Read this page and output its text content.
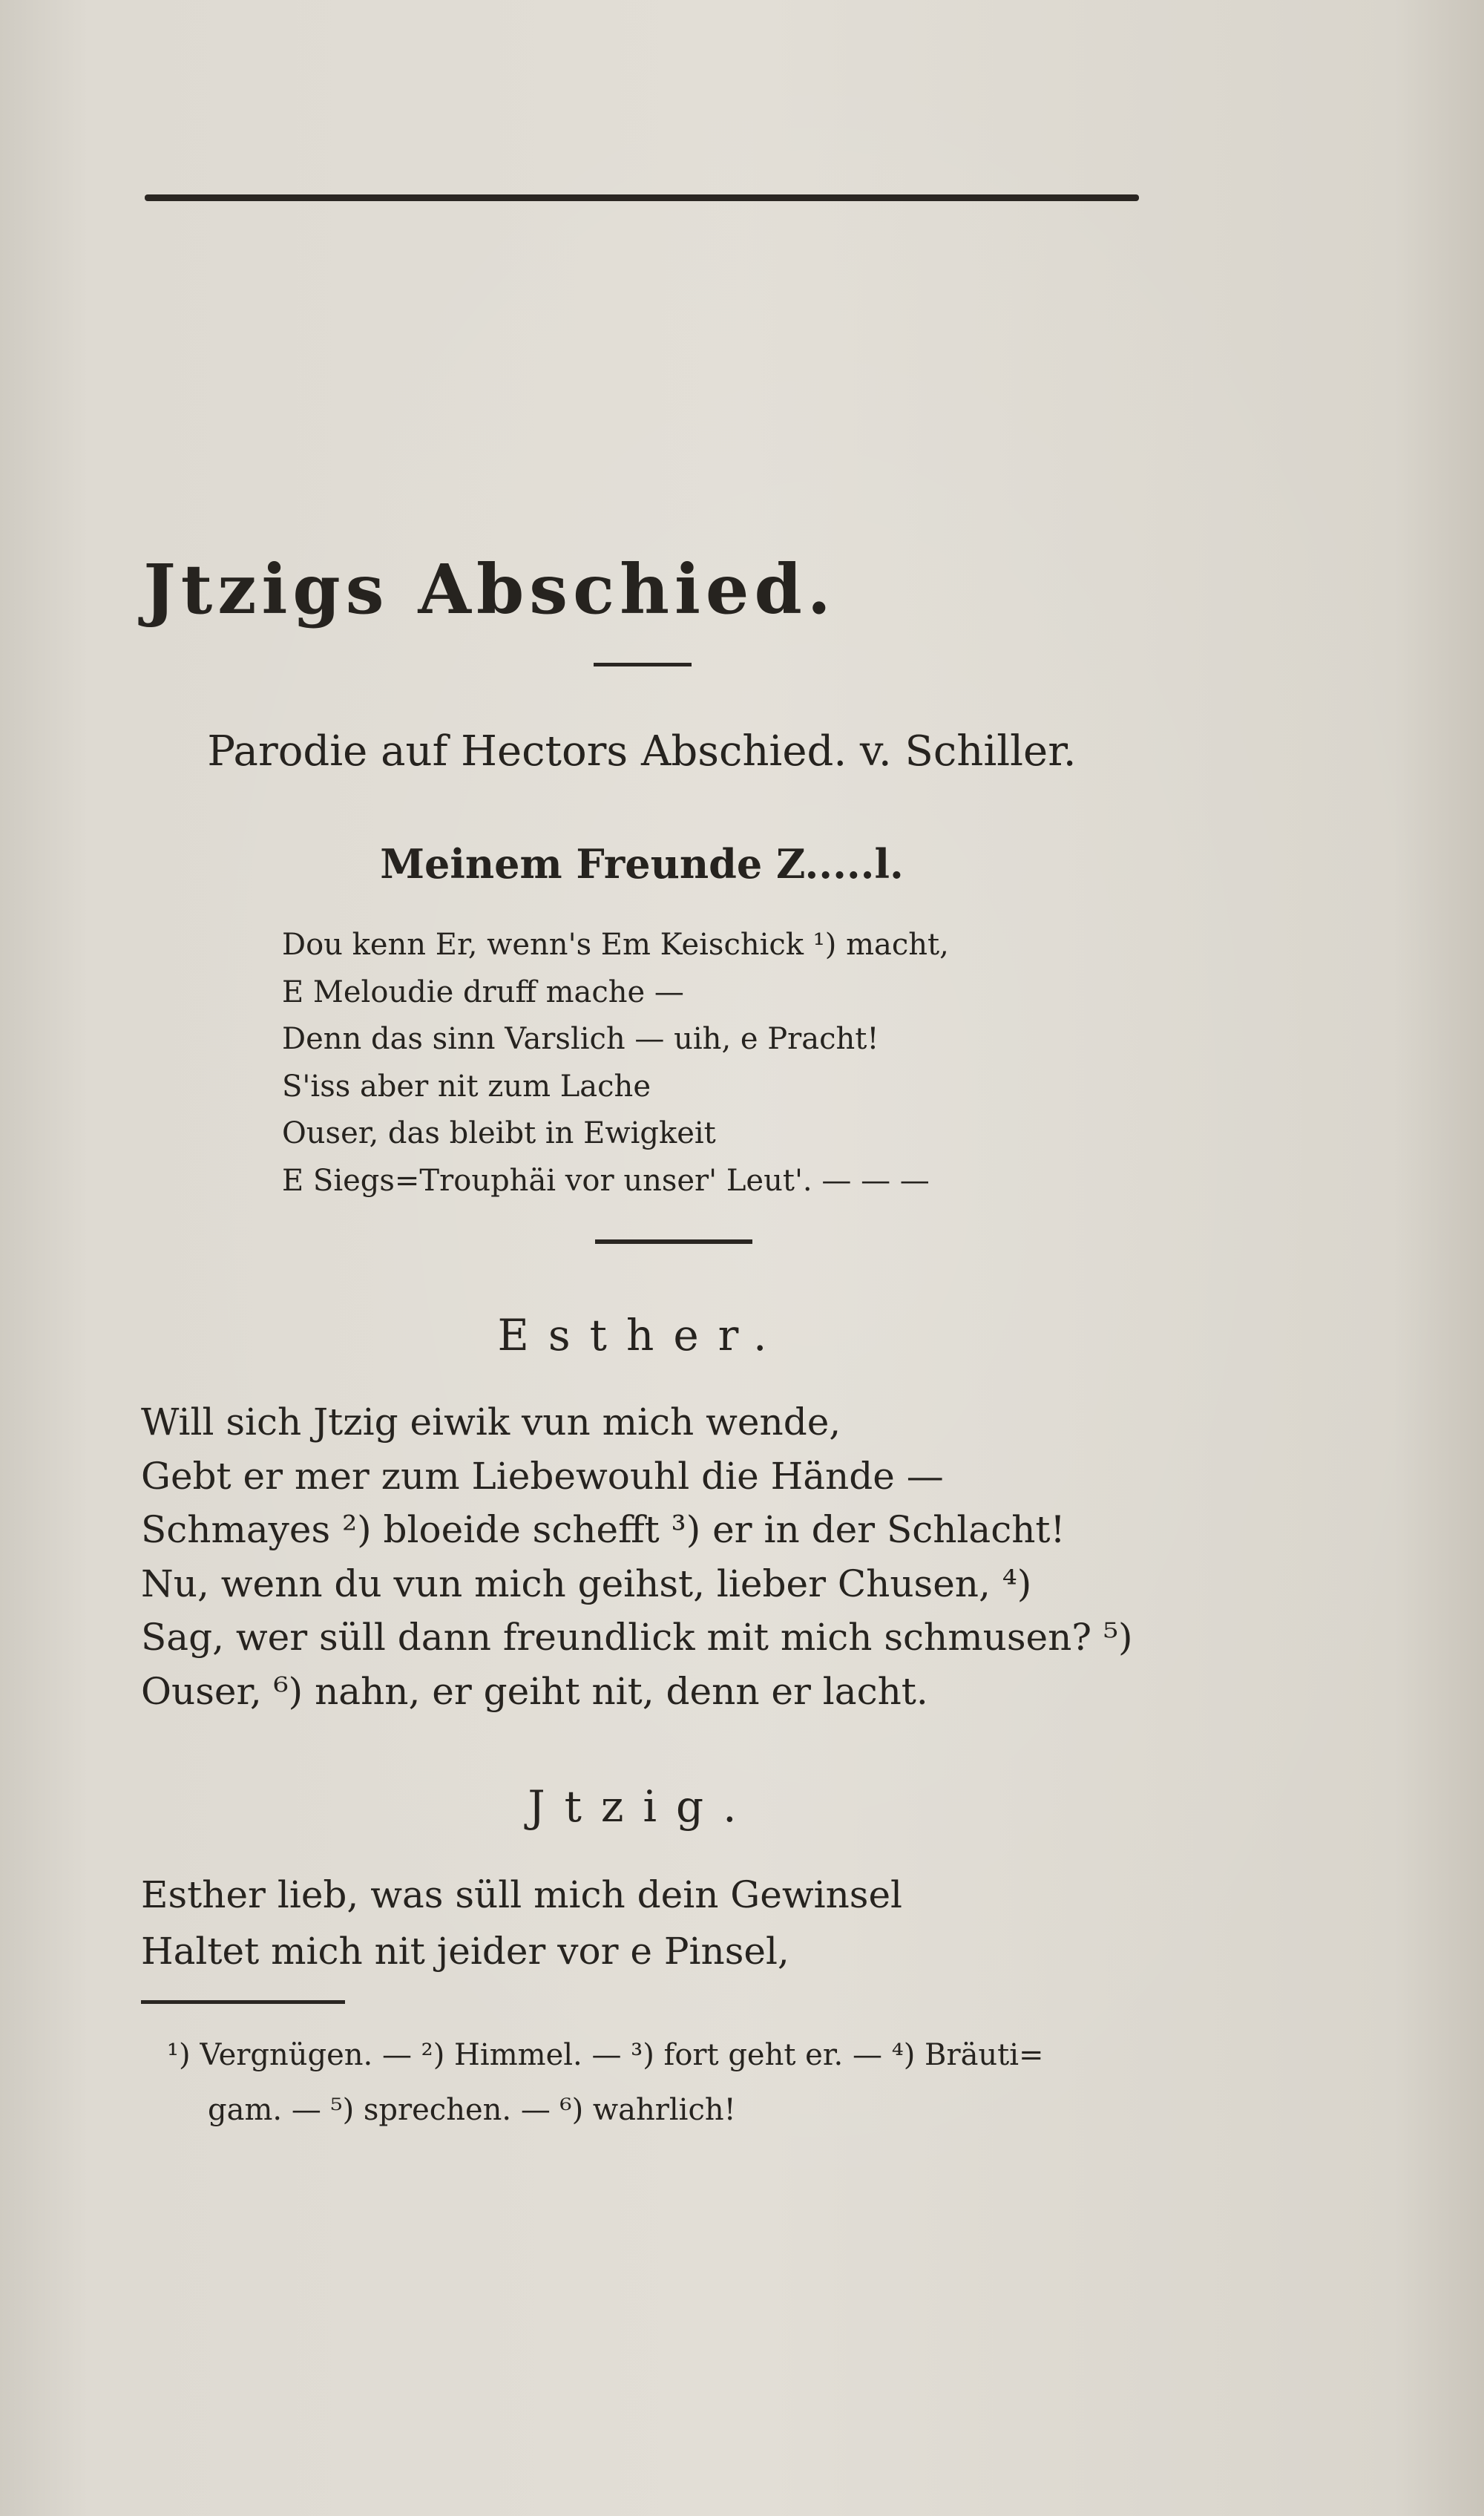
Jtzigs Abschied.

Parodie auf Hectors Abschied. v. Schiller.

Meinem Freunde Z.....l.

Dou kenn Er, wenn's Em Keischick ¹) macht,
E Meloudie druff mache —
Denn das sinn Varslich — uih, e Pracht!
S'iss aber nit zum Lache
Ouser, das bleibt in Ewigkeit
E Siegs=Trouphäi vor unser' Leut'. — — —

Esther.

Will sich Jtzig eiwik vun mich wende,
Gebt er mer zum Liebewouhl die Hände —
Schmayes ²) bloeide schefft ³) er in der Schlacht!
Nu, wenn du vun mich geihst, lieber Chusen, ⁴)
Sag, wer süll dann freundlick mit mich schmusen? ⁵)
Ouser, ⁶) nahn, er geiht nit, denn er lacht.

Jtzig.

Esther lieb, was süll mich dein Gewinsel
Haltet mich nit jeider vor e Pinsel,
¹) Vergnügen. — ²) Himmel. — ³) fort geht er. — ⁴) Bräuti=
gam. — ⁵) sprechen. — ⁶) wahrlich!
